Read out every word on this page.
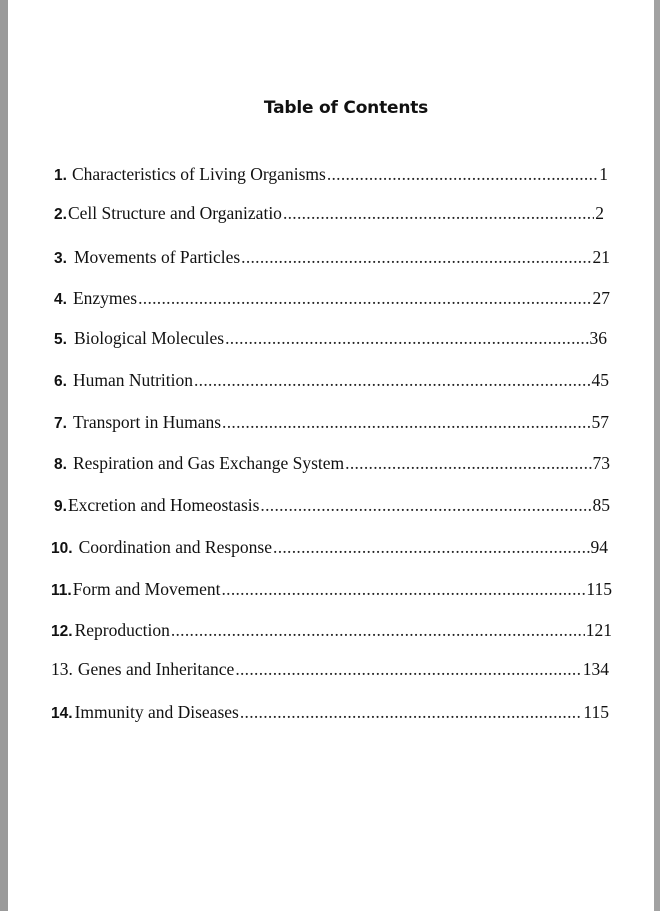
Table of Contents
1. Characteristics of Living Organisms .....	1
2. Cell Structure and Organizatio .....	2
3. Movements of Particles .....	21
4. Enzymes .....	27
5. Biological Molecules .....	36
6. Human Nutrition .....	45
7. Transport in Humans .....	57
8. Respiration and Gas Exchange System .....	73
9. Excretion and Homeostasis .....	85
10. Coordination and Response .....	94
11. Form and Movement .....	115
12. Reproduction .....	121
13. Genes and Inheritance .....	134
14. Immunity and Diseases .....	115
